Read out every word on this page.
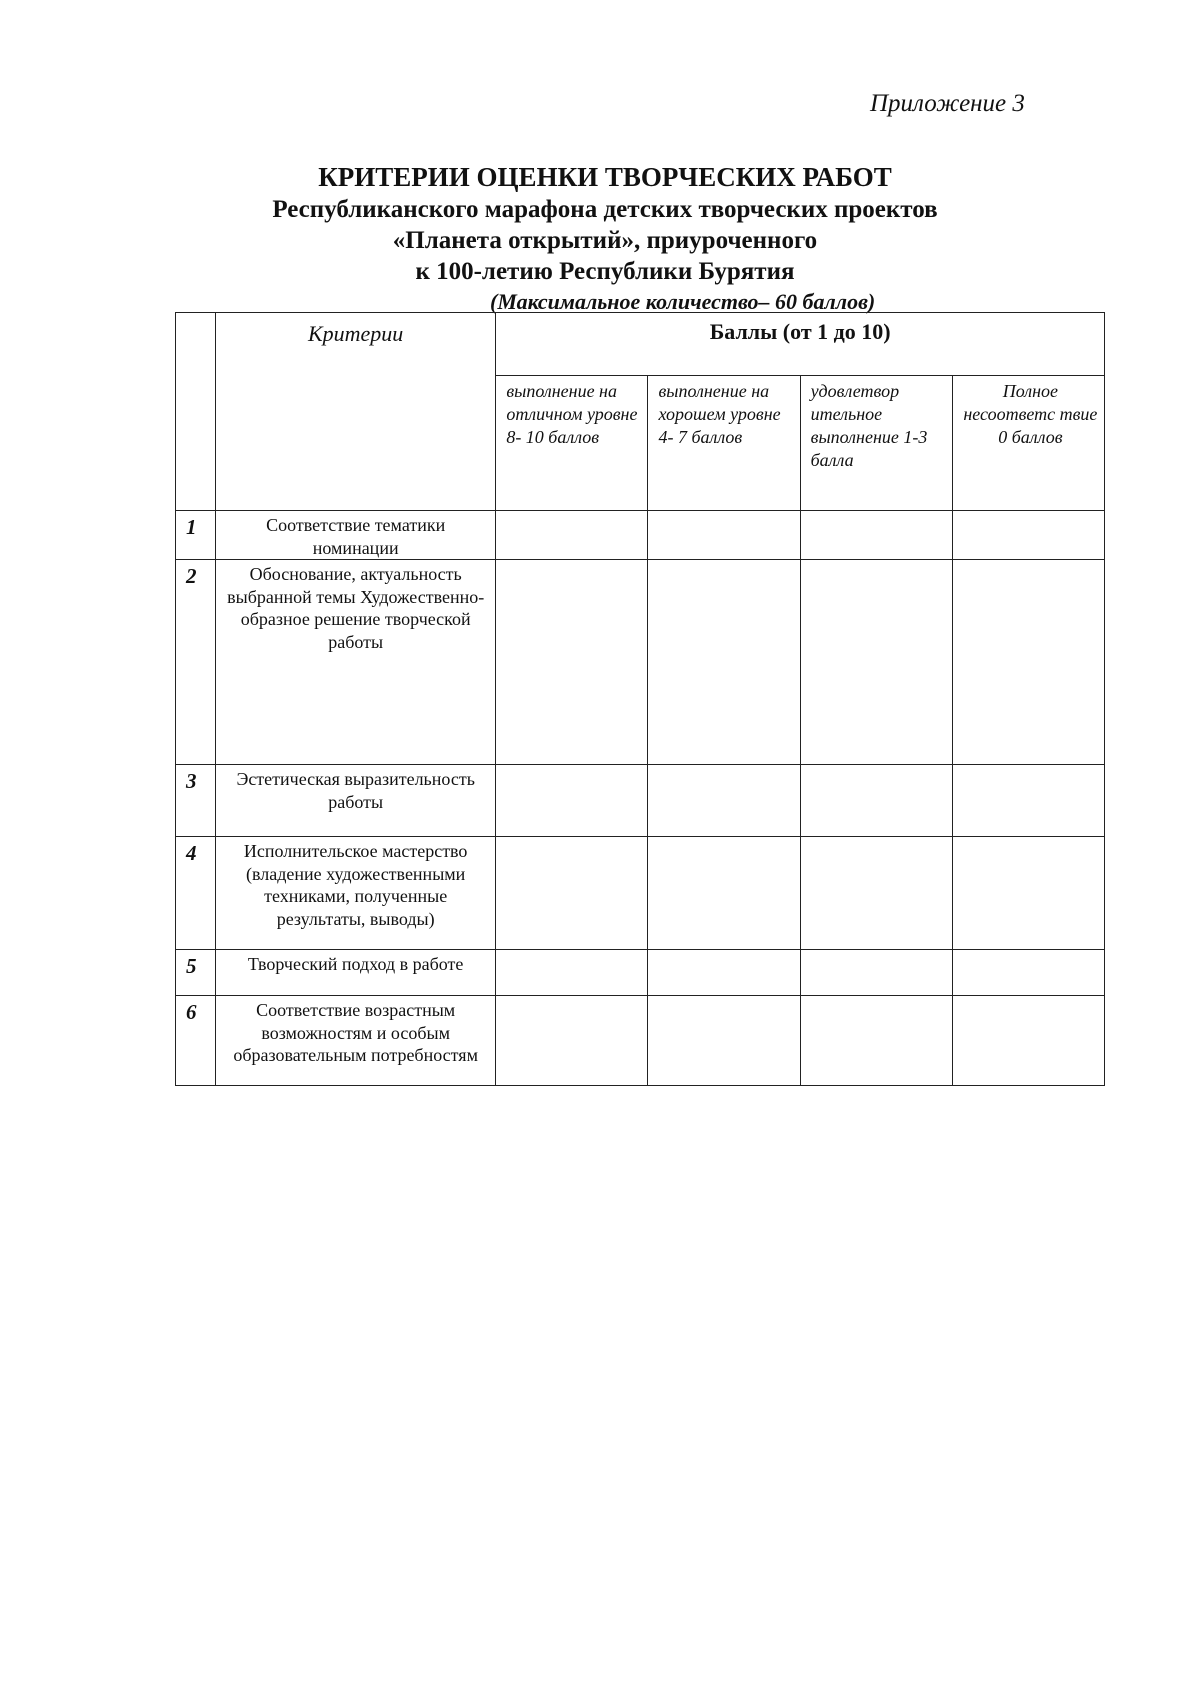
Приложение 3
КРИТЕРИИ ОЦЕНКИ ТВОРЧЕСКИХ РАБОТ
Республиканского марафона детских творческих проектов
«Планета открытий», приуроченного
к 100-летию Республики Бурятия
(Максимальное количество– 60 баллов)
	Критерии	Баллы (от 1 до 10)			
		выполнение на отличном уровне 8- 10 баллов	выполнение на хорошем уровне 4- 7 баллов	удовлетвор ительное выполнение 1-3 балла	Полное несоответс твие 0 баллов
1	Соответствие тематики номинации				
2	Обоснование, актуальность выбранной темы Художественно-образное решение творческой работы				
3	Эстетическая выразительность работы				
4	Исполнительское мастерство (владение художественными техниками, полученные результаты, выводы)				
5	Творческий подход в работе				
6	Соответствие возрастным возможностям и особым образовательным потребностям				
